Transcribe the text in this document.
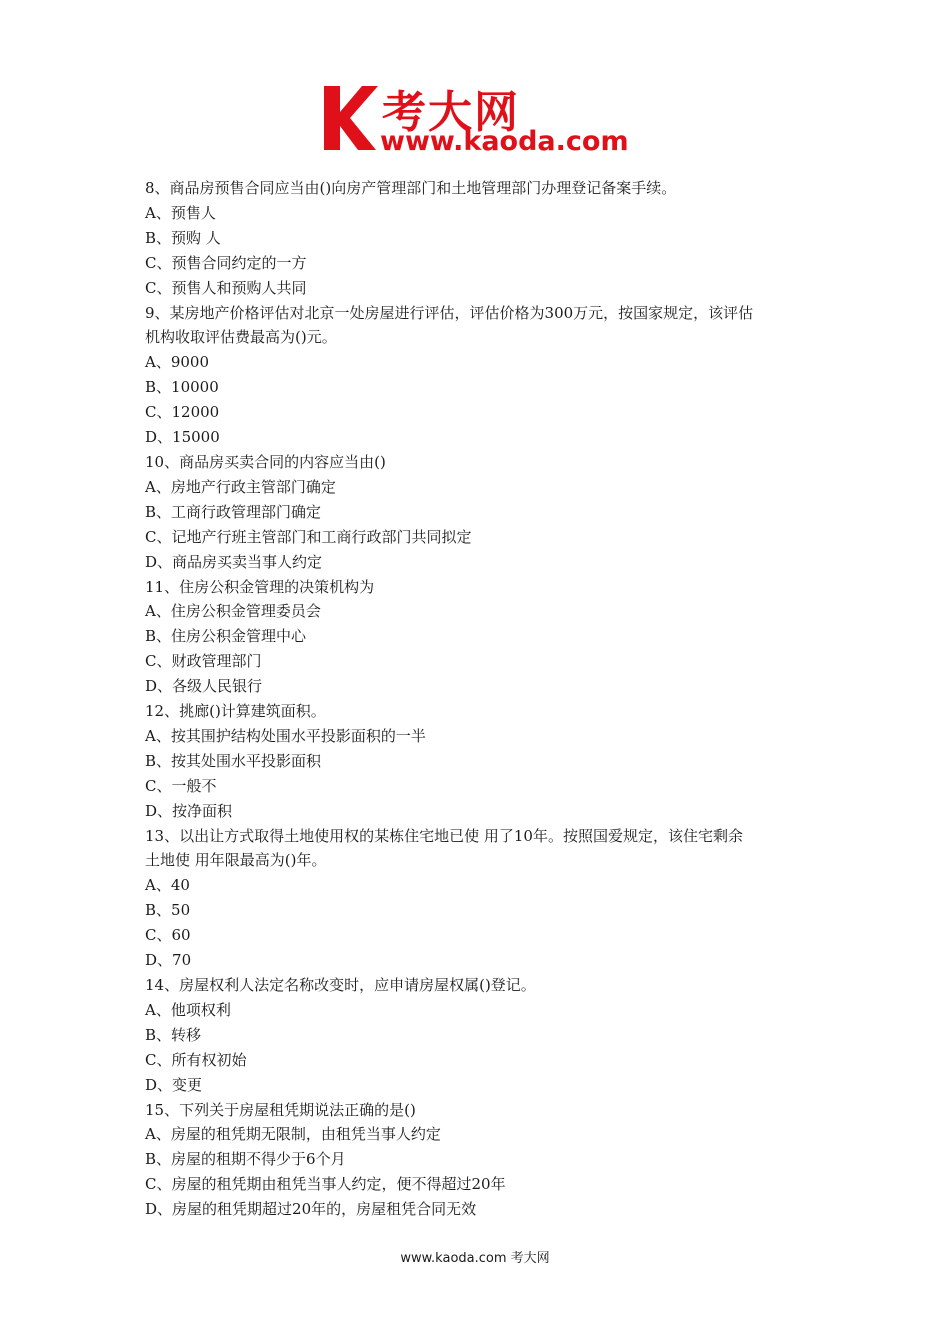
考大网
www.kaoda.com
8、商品房预售合同应当由()向房产管理部门和土地管理部门办理登记备案手续。
A、预售人
B、预购 人
C、预售合同约定的一方
C、预售人和预购人共同
9、某房地产价格评估对北京一处房屋进行评估，评估价格为300万元，按国家规定，该评估
机构收取评估费最高为()元。
A、9000
B、10000
C、12000
D、15000
10、商品房买卖合同的内容应当由()
A、房地产行政主管部门确定
B、工商行政管理部门确定
C、记地产行班主管部门和工商行政部门共同拟定
D、商品房买卖当事人约定
11、住房公积金管理的决策机构为
A、住房公积金管理委员会
B、住房公积金管理中心
C、财政管理部门
D、各级人民银行
12、挑廊()计算建筑面积。
A、按其围护结构处围水平投影面积的一半
B、按其处围水平投影面积
C、一般不
D、按净面积
13、以出让方式取得土地使用权的某栋住宅地已使 用了10年。按照国爱规定，该住宅剩余
土地使 用年限最高为()年。
A、40
B、50
C、60
D、70
14、房屋权利人法定名称改变时，应申请房屋权属()登记。
A、他项权利
B、转移
C、所有权初始
D、变更
15、下列关于房屋租凭期说法正确的是()
A、房屋的租凭期无限制，由租凭当事人约定
B、房屋的租期不得少于6个月
C、房屋的租凭期由租凭当事人约定，便不得超过20年
D、房屋的租凭期超过20年的，房屋租凭合同无效
www.kaoda.com 考大网
